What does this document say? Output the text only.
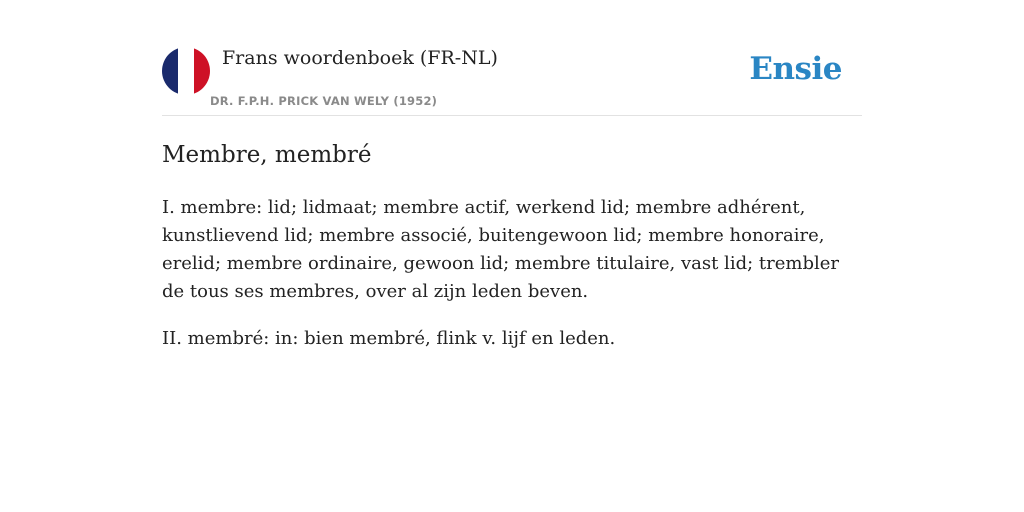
Frans woordenboek (FR-NL)
DR. F.P.H. PRICK VAN WELY (1952)
Ensie
Membre, membré

I. membre: lid; lidmaat; membre actif, werkend lid; membre adhérent, kunstlievend lid; membre associé, buitengewoon lid; membre honoraire, erelid; membre ordinaire, gewoon lid; membre titulaire, vast lid; trembler de tous ses membres, over al zijn leden beven.

II. membré: in: bien membré, flink v. lijf en leden.
